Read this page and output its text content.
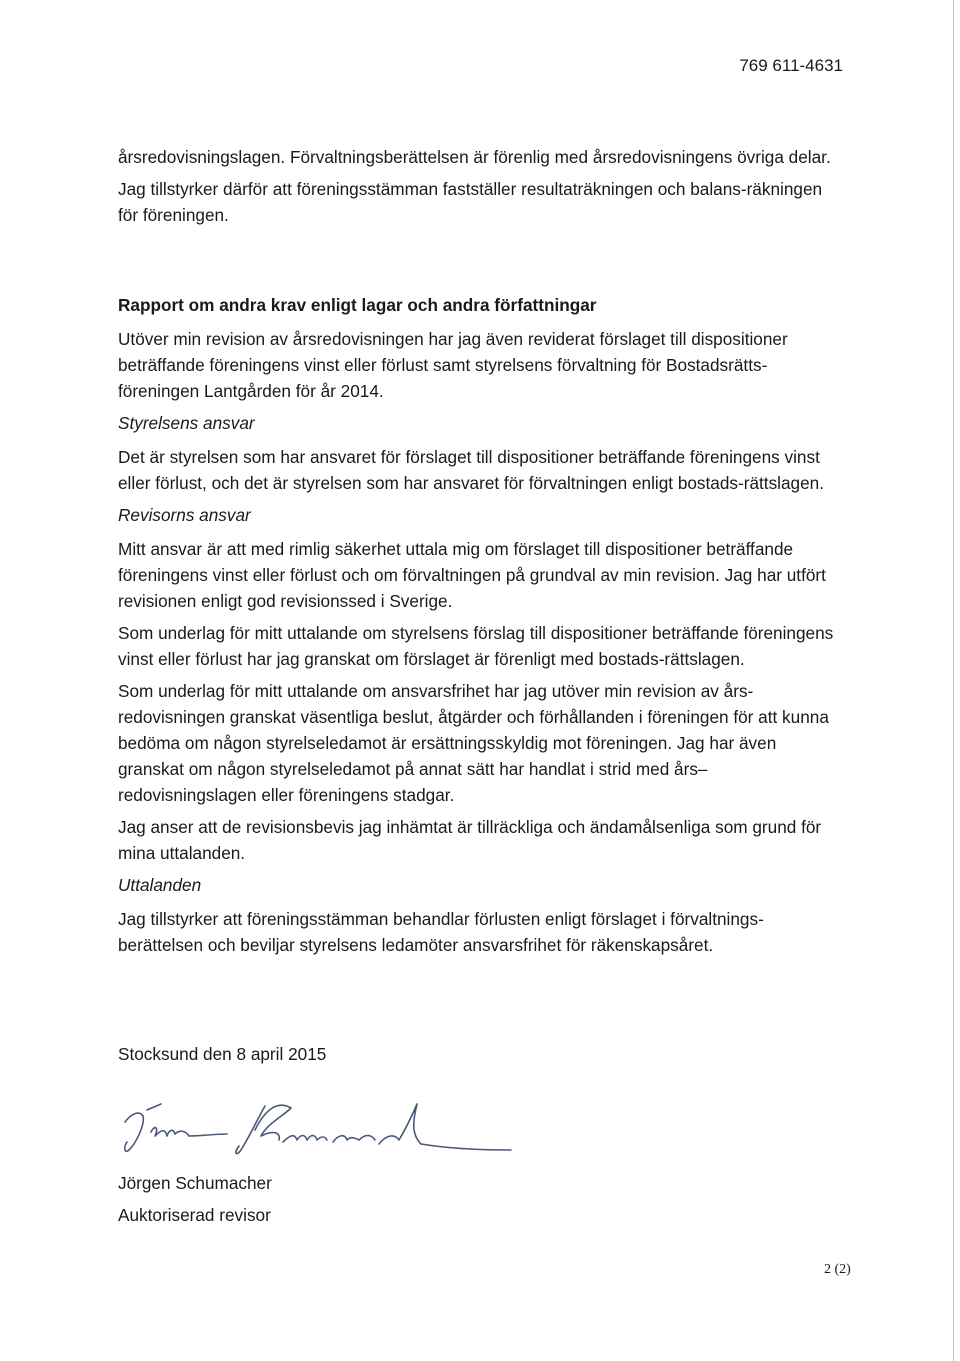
769 611-4631

årsredovisningslagen. Förvaltningsberättelsen är förenlig med årsredovisningens övriga delar.

Jag tillstyrker därför att föreningsstämman fastställer resultaträkningen och balans-räkningen för föreningen.

Rapport om andra krav enligt lagar och andra författningar

Utöver min revision av årsredovisningen har jag även reviderat förslaget till dispositioner beträffande föreningens vinst eller förlust samt styrelsens förvaltning för Bostadsrätts-föreningen Lantgården för år 2014.

Styrelsens ansvar

Det är styrelsen som har ansvaret för förslaget till dispositioner beträffande föreningens vinst eller förlust, och det är styrelsen som har ansvaret för förvaltningen enligt bostads-rättslagen.

Revisorns ansvar

Mitt ansvar är att med rimlig säkerhet uttala mig om förslaget till dispositioner beträffande föreningens vinst eller förlust och om förvaltningen på grundval av min revision. Jag har utfört revisionen enligt god revisionssed i Sverige.

Som underlag för mitt uttalande om styrelsens förslag till dispositioner beträffande föreningens vinst eller förlust har jag granskat om förslaget är förenligt med bostads-rättslagen.

Som underlag för mitt uttalande om ansvarsfrihet har jag utöver min revision av års-redovisningen granskat väsentliga beslut, åtgärder och förhållanden i föreningen för att kunna bedöma om någon styrelseledamot är ersättningsskyldig mot föreningen. Jag har även granskat om någon styrelseledamot på annat sätt har handlat i strid med års–redovisningslagen eller föreningens stadgar.

Jag anser att de revisionsbevis jag inhämtat är tillräckliga och ändamålsenliga som grund för mina uttalanden.

Uttalanden

Jag tillstyrker att föreningsstämman behandlar förlusten enligt förslaget i förvaltnings-berättelsen och beviljar styrelsens ledamöter ansvarsfrihet för räkenskapsåret.

Stocksund den 8 april 2015
Jörgen Schumacher
Auktoriserad revisor
2 (2)
